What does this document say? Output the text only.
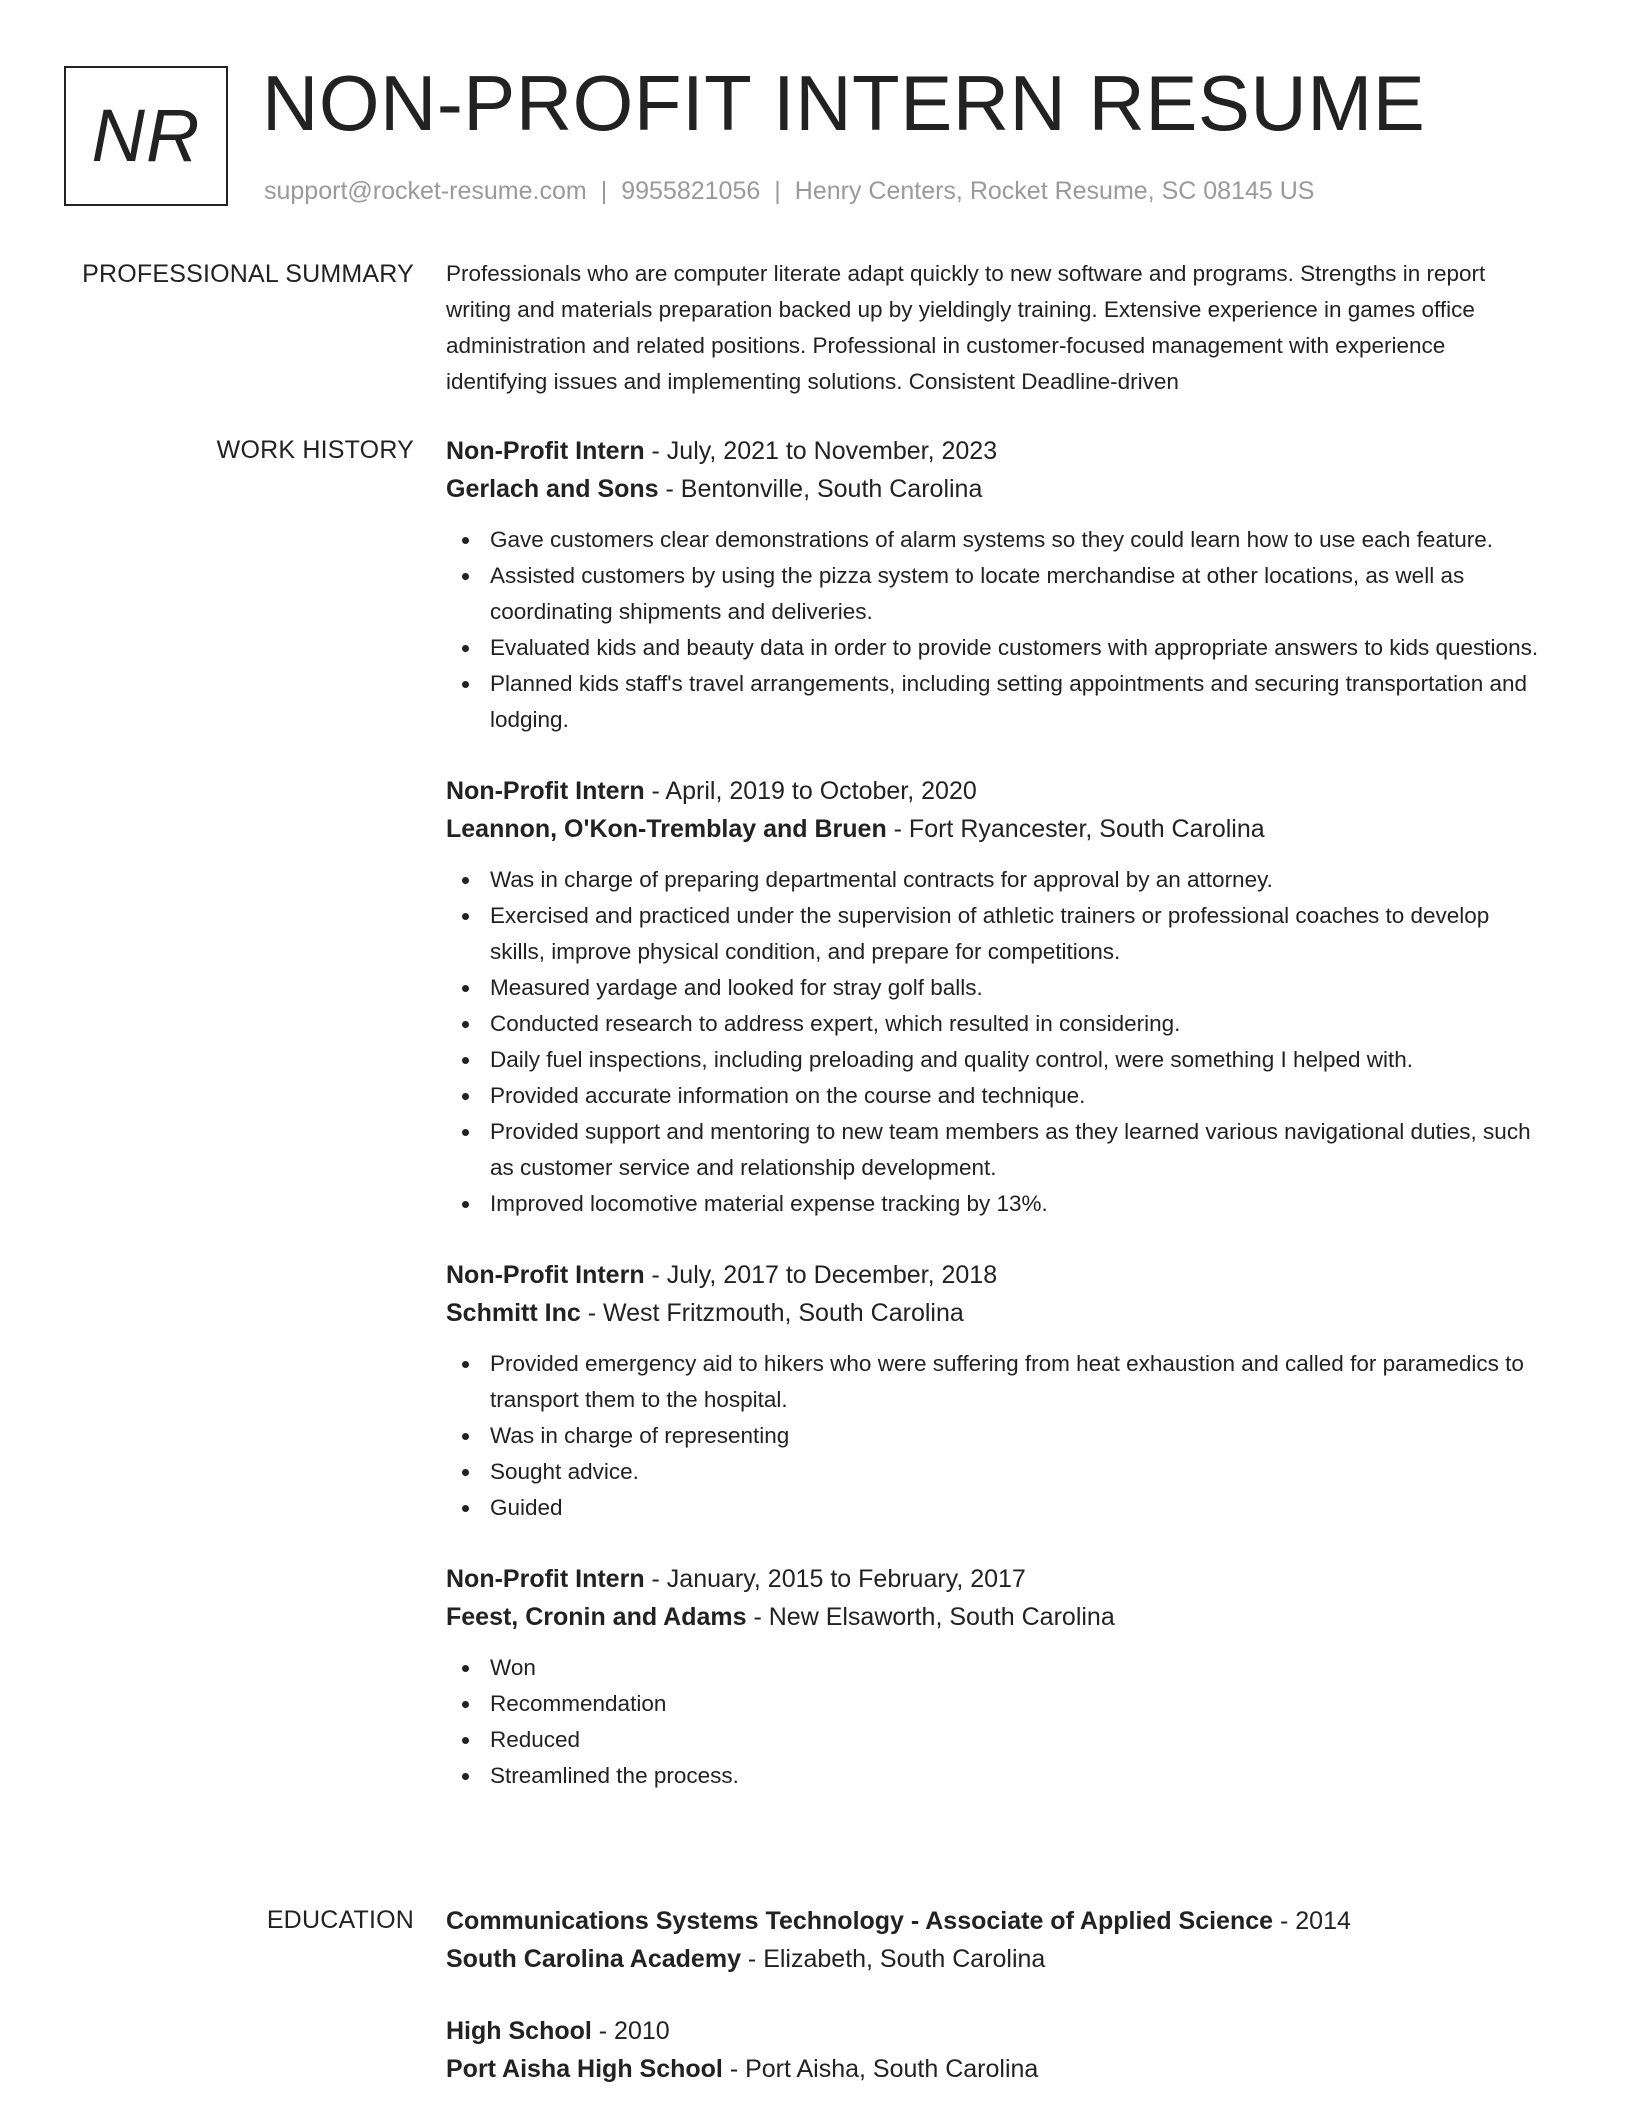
NR NON-PROFIT INTERN RESUME
support@rocket-resume.com | 9955821056 | Henry Centers, Rocket Resume, SC 08145 US
PROFESSIONAL SUMMARY Professionals who are computer literate adapt quickly to new software and programs. Strengths in report writing and materials preparation backed up by yieldingly training. Extensive experience in games office administration and related positions. Professional in customer-focused management with experience identifying issues and implementing solutions. Consistent Deadline-driven

WORK HISTORY Non-Profit Intern - July, 2021 to November, 2023
Gerlach and Sons - Bentonville, South Carolina
Gave customers clear demonstrations of alarm systems so they could learn how to use each feature.
Assisted customers by using the pizza system to locate merchandise at other locations, as well as coordinating shipments and deliveries.
Evaluated kids and beauty data in order to provide customers with appropriate answers to kids questions.
Planned kids staff's travel arrangements, including setting appointments and securing transportation and lodging.
Non-Profit Intern - April, 2019 to October, 2020
Leannon, O'Kon-Tremblay and Bruen - Fort Ryancester, South Carolina
Was in charge of preparing departmental contracts for approval by an attorney.
Exercised and practiced under the supervision of athletic trainers or professional coaches to develop skills, improve physical condition, and prepare for competitions.
Measured yardage and looked for stray golf balls.
Conducted research to address expert, which resulted in considering.
Daily fuel inspections, including preloading and quality control, were something I helped with.
Provided accurate information on the course and technique.
Provided support and mentoring to new team members as they learned various navigational duties, such as customer service and relationship development.
Improved locomotive material expense tracking by 13%.
Non-Profit Intern - July, 2017 to December, 2018
Schmitt Inc - West Fritzmouth, South Carolina
Provided emergency aid to hikers who were suffering from heat exhaustion and called for paramedics to transport them to the hospital.
Was in charge of representing
Sought advice.
Guided
Non-Profit Intern - January, 2015 to February, 2017
Feest, Cronin and Adams - New Elsaworth, South Carolina
Won
Recommendation
Reduced
Streamlined the process.
EDUCATION Communications Systems Technology - Associate of Applied Science - 2014
South Carolina Academy - Elizabeth, South Carolina
High School - 2010
Port Aisha High School - Port Aisha, South Carolina
